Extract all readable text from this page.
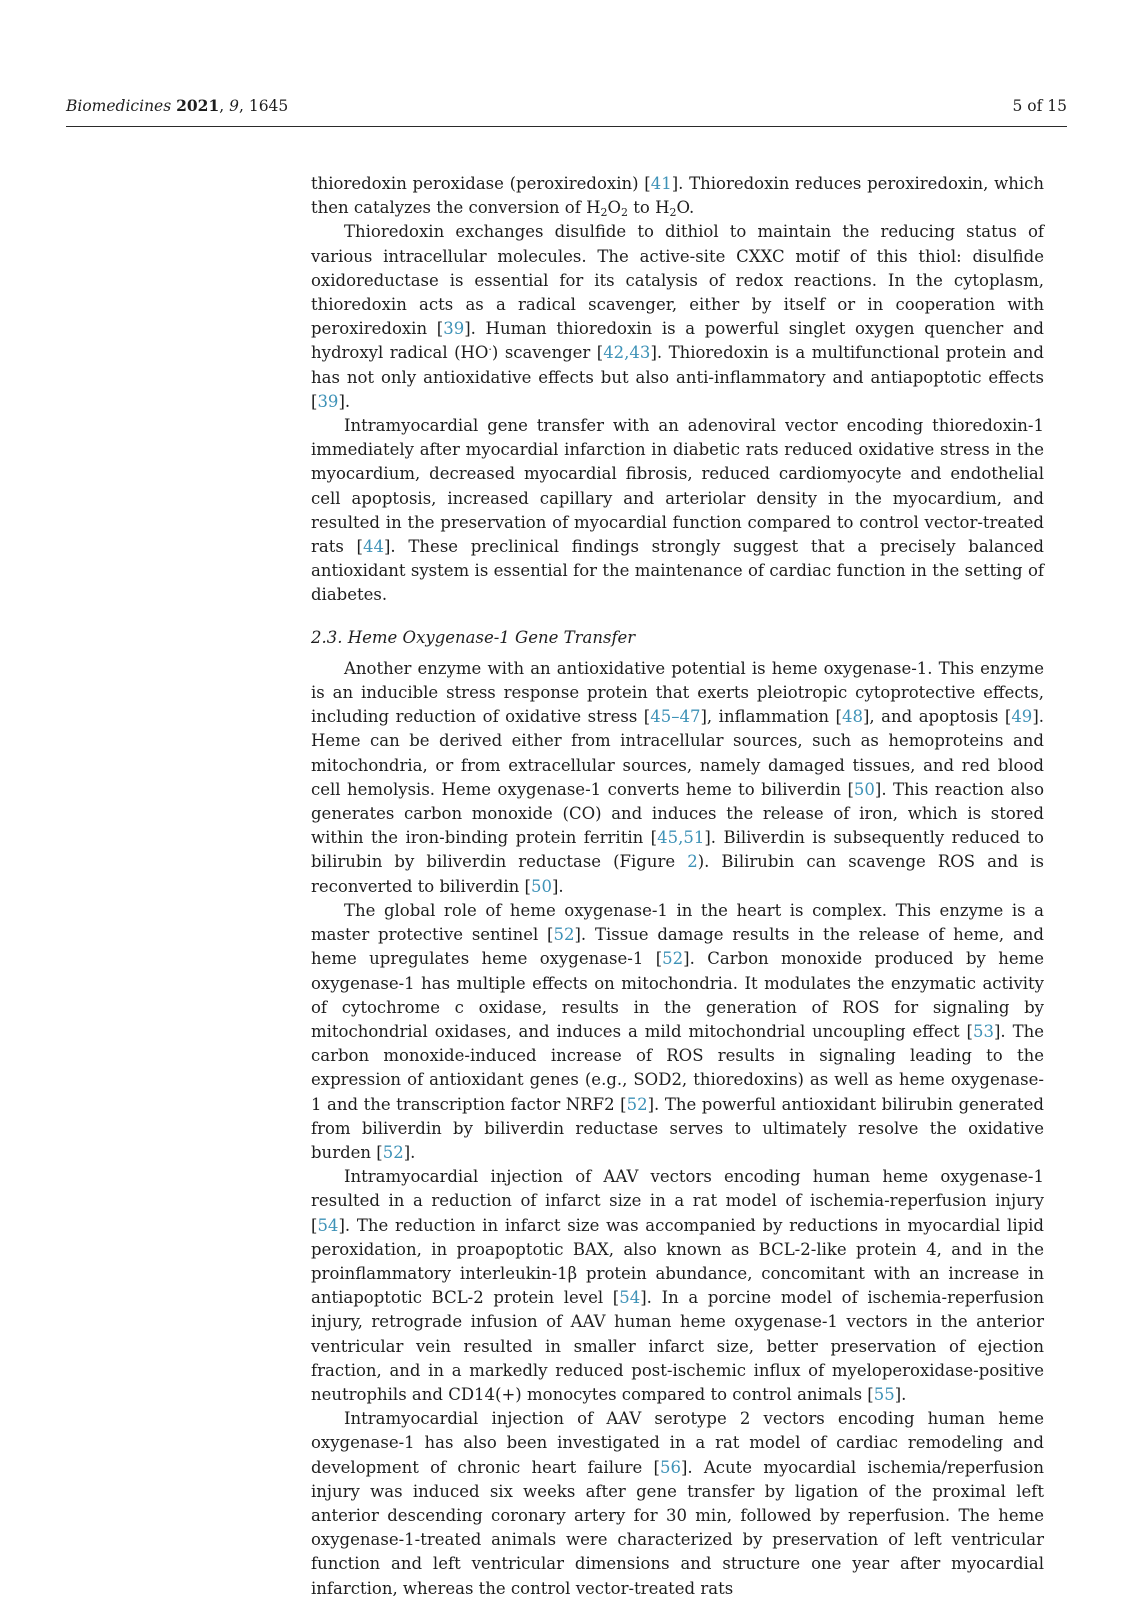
Biomedicines 2021, 9, 1645	5 of 15

thioredoxin peroxidase (peroxiredoxin) [41]. Thioredoxin reduces peroxiredoxin, which then catalyzes the conversion of $H_2O_2$ to $H_2O$.

Thioredoxin exchanges disulfide to dithiol to maintain the reducing status of various intracellular molecules. The active-site CXXC motif of this thiol: disulfide oxidoreductase is essential for its catalysis of redox reactions. In the cytoplasm, thioredoxin acts as a radical scavenger, either by itself or in cooperation with peroxiredoxin [39]. Human thioredoxin is a powerful singlet oxygen quencher and hydroxyl radical (HO·) scavenger [42,43]. Thioredoxin is a multifunctional protein and has not only antioxidative effects but also anti-inflammatory and antiapoptotic effects [39].

Intramyocardial gene transfer with an adenoviral vector encoding thioredoxin-1 immediately after myocardial infarction in diabetic rats reduced oxidative stress in the myocardium, decreased myocardial fibrosis, reduced cardiomyocyte and endothelial cell apoptosis, increased capillary and arteriolar density in the myocardium, and resulted in the preservation of myocardial function compared to control vector-treated rats [44]. These preclinical findings strongly suggest that a precisely balanced antioxidant system is essential for the maintenance of cardiac function in the setting of diabetes.

2.3. Heme Oxygenase-1 Gene Transfer

Another enzyme with an antioxidative potential is heme oxygenase-1. This enzyme is an inducible stress response protein that exerts pleiotropic cytoprotective effects, including reduction of oxidative stress [45–47], inflammation [48], and apoptosis [49]. Heme can be derived either from intracellular sources, such as hemoproteins and mitochondria, or from extracellular sources, namely damaged tissues, and red blood cell hemolysis. Heme oxygenase-1 converts heme to biliverdin [50]. This reaction also generates carbon monoxide (CO) and induces the release of iron, which is stored within the iron-binding protein ferritin [45,51]. Biliverdin is subsequently reduced to bilirubin by biliverdin reductase (Figure 2). Bilirubin can scavenge ROS and is reconverted to biliverdin [50].

The global role of heme oxygenase-1 in the heart is complex. This enzyme is a master protective sentinel [52]. Tissue damage results in the release of heme, and heme upregulates heme oxygenase-1 [52]. Carbon monoxide produced by heme oxygenase-1 has multiple effects on mitochondria. It modulates the enzymatic activity of cytochrome c oxidase, results in the generation of ROS for signaling by mitochondrial oxidases, and induces a mild mitochondrial uncoupling effect [53]. The carbon monoxide-induced increase of ROS results in signaling leading to the expression of antioxidant genes (e.g., SOD2, thioredoxins) as well as heme oxygenase-1 and the transcription factor NRF2 [52]. The powerful antioxidant bilirubin generated from biliverdin by biliverdin reductase serves to ultimately resolve the oxidative burden [52].

Intramyocardial injection of AAV vectors encoding human heme oxygenase-1 resulted in a reduction of infarct size in a rat model of ischemia-reperfusion injury [54]. The reduction in infarct size was accompanied by reductions in myocardial lipid peroxidation, in proapoptotic BAX, also known as BCL-2-like protein 4, and in the proinflammatory interleukin-1β protein abundance, concomitant with an increase in antiapoptotic BCL-2 protein level [54]. In a porcine model of ischemia-reperfusion injury, retrograde infusion of AAV human heme oxygenase-1 vectors in the anterior ventricular vein resulted in smaller infarct size, better preservation of ejection fraction, and in a markedly reduced post-ischemic influx of myeloperoxidase-positive neutrophils and CD14(+) monocytes compared to control animals [55].

Intramyocardial injection of AAV serotype 2 vectors encoding human heme oxygenase-1 has also been investigated in a rat model of cardiac remodeling and development of chronic heart failure [56]. Acute myocardial ischemia/reperfusion injury was induced six weeks after gene transfer by ligation of the proximal left anterior descending coronary artery for 30 min, followed by reperfusion. The heme oxygenase-1-treated animals were characterized by preservation of left ventricular function and left ventricular dimensions and structure one year after myocardial infarction, whereas the control vector-treated rats
